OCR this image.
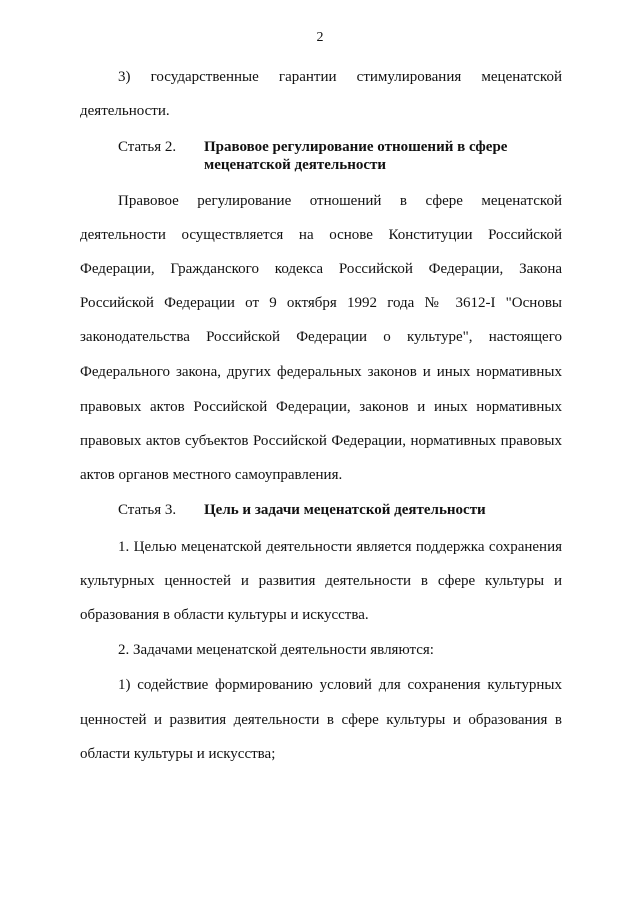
2
3) государственные гарантии стимулирования меценатской
деятельности.
Статья 2. Правовое регулирование отношений в сфере
меценатской деятельности
Правовое регулирование отношений в сфере меценатской
деятельности осуществляется на основе Конституции Российской
Федерации, Гражданского кодекса Российской Федерации, Закона
Российской Федерации от 9 октября 1992 года № 3612-I "Основы
законодательства Российской Федерации о культуре", настоящего
Федерального закона, других федеральных законов и иных нормативных
правовых актов Российской Федерации, законов и иных нормативных
правовых актов субъектов Российской Федерации, нормативных правовых
актов органов местного самоуправления.
Статья 3. Цель и задачи меценатской деятельности
1. Целью меценатской деятельности является поддержка сохранения
культурных ценностей и развития деятельности в сфере культуры и
образования в области культуры и искусства.
2. Задачами меценатской деятельности являются:
1) содействие формированию условий для сохранения культурных
ценностей и развития деятельности в сфере культуры и образования в
области культуры и искусства;
